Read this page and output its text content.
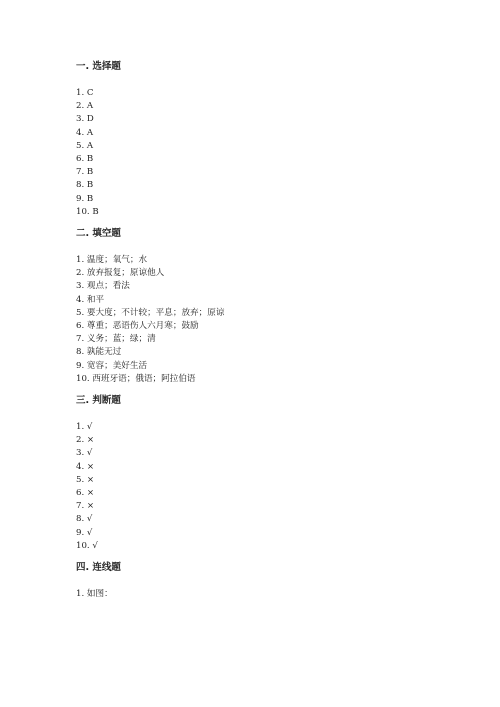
一. 选择题
1. C
2. A
3. D
4. A
5. A
6. B
7. B
8. B
9. B
10. B
二. 填空题
1. 温度；氧气；水
2. 放弃报复；原谅他人
3. 观点；看法
4. 和平
5. 要大度；不计较；平息；放弃；原谅
6. 尊重；恶语伤人六月寒；鼓励
7. 义务；蓝；绿；清
8. 孰能无过
9. 宽容；美好生活
10. 西班牙语；俄语；阿拉伯语
三. 判断题
1. √
2. ×
3. √
4. ×
5. ×
6. ×
7. ×
8. √
9. √
10. √
四. 连线题
1. 如图：
